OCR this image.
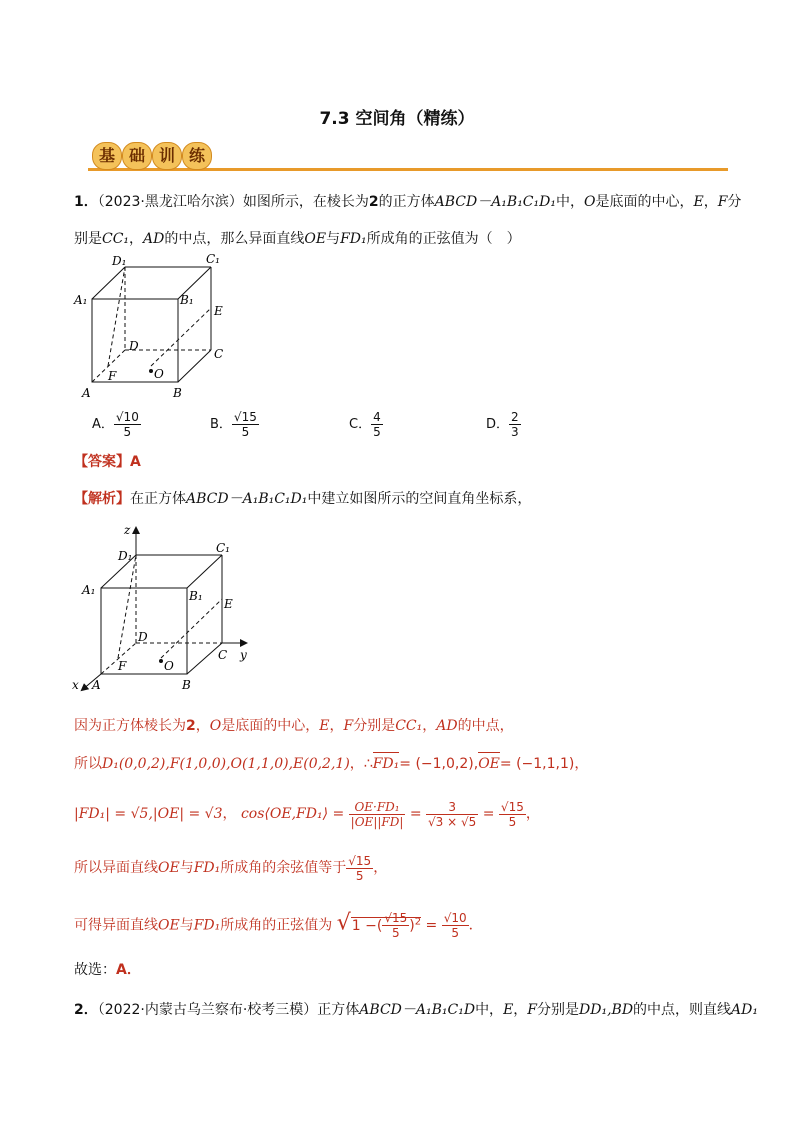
7.3 空间角（精练）
基 础 训 练
1．（2023·黑龙江哈尔滨）如图所示，在棱长为2的正方体ABCD－A₁B₁C₁D₁中，O是底面的中心，E，F分
别是CC₁，AD的中点，那么异面直线OE与FD₁所成角的正弦值为（　）
D₁	C₁
A₁	B₁
E
D
C
F	O
A	B
A． $\frac{√10}{5}$	B． $\frac{√15}{5}$	C． $\frac{4}{5}$	D． $\frac{2}{3}$
【答案】A
【解析】在正方体ABCD－A₁B₁C₁D₁中建立如图所示的空间直角坐标系，
z
D₁
C₁
A₁	B₁
E
D
C y
F	O
x A	B
因为正方体棱长为2，O是底面的中心，E，F分别是CC₁，AD的中点，
所以D₁(0,0,2),F(1,0,0),O(1,1,0),E(0,2,1)，∴FD₁= (−1,0,2),OE= (−1,1,1)，
|FD₁| = √5,|OE| = √3， cos⟨OE,FD₁⟩ = $\frac{\text{OE·FD₁}}{|OE||FD|} = \frac{3}{√3 \times √5} = \frac{√15}{5}$ ，
所以异面直线OE与FD₁所成角的余弦值等于 $\frac{√15}{5}$ ，
可得异面直线OE与FD₁所成角的正弦值为 √1 −( $\frac{√15}{5} )^2 = \frac{√10}{5}$ ．
故选：A．
2．（2022·内蒙古乌兰察布·校考三模）正方体ABCD－A₁B₁C₁D中，E，F分别是DD₁,BD的中点，则直线AD₁
